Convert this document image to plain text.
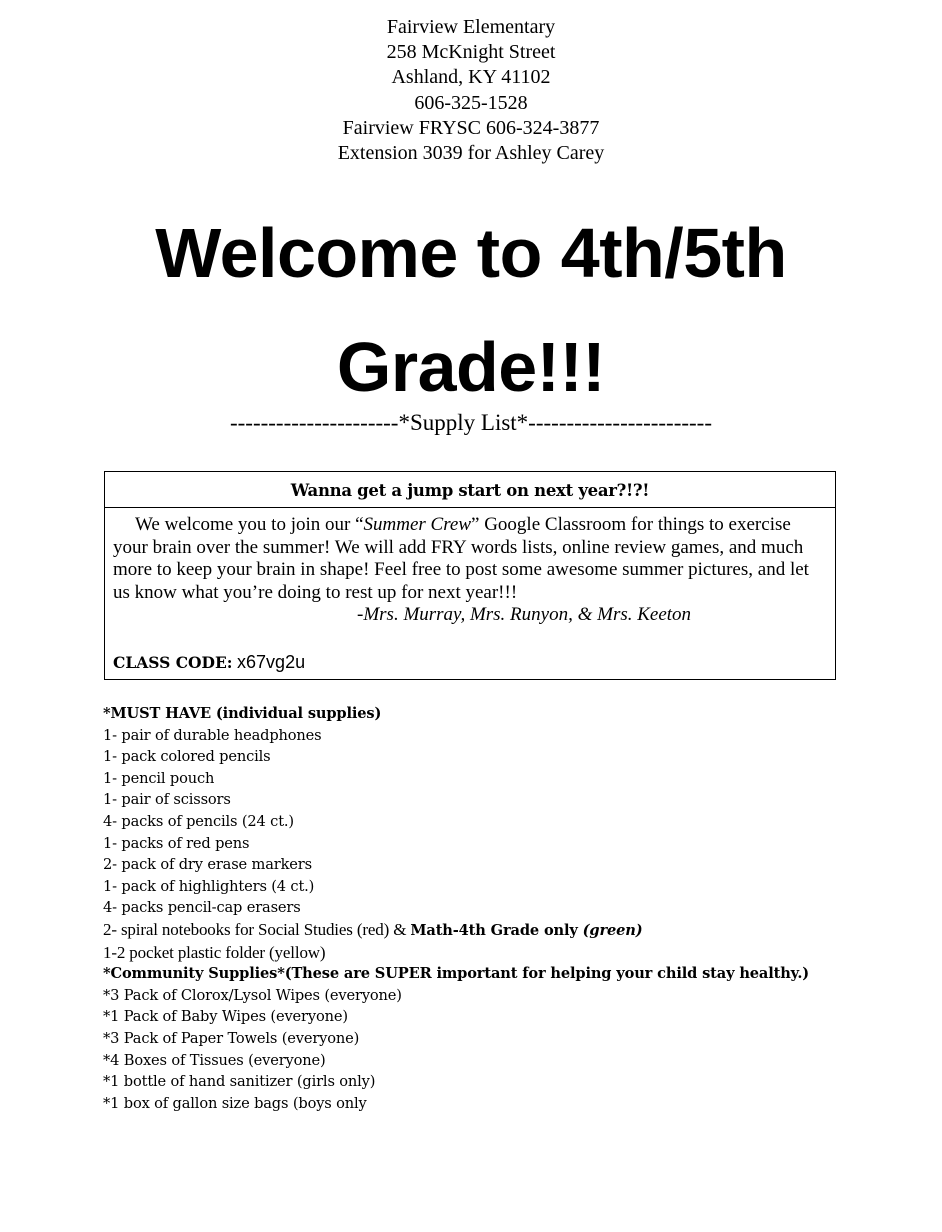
Fairview Elementary
258 McKnight Street
Ashland, KY 41102
606-325-1528
Fairview FRYSC 606-324-3877
Extension 3039 for Ashley Carey
Welcome to 4th/5th
Grade!!!
----------------------*Supply List*------------------------
Wanna get a jump start on next year?!?!

We welcome you to join our “Summer Crew” Google Classroom for things to exercise your brain over the summer! We will add FRY words lists, online review games, and much more to keep your brain in shape! Feel free to post some awesome summer pictures, and let us know what you’re doing to rest up for next year!!!

-Mrs. Murray, Mrs. Runyon, & Mrs. Keeton

CLASS CODE: x67vg2u

*MUST HAVE (individual supplies)
1- pair of durable headphones
1- pack colored pencils
1- pencil pouch
1- pair of scissors
4- packs of pencils (24 ct.)
1- packs of red pens
2- pack of dry erase markers
1- pack of highlighters (4 ct.)
4- packs pencil-cap erasers
2- spiral notebooks for Social Studies (red) & Math-4th Grade only (green)
1-2 pocket plastic folder (yellow)
*Community Supplies*(These are SUPER important for helping your child stay healthy.)
*3 Pack of Clorox/Lysol Wipes (everyone)
*1 Pack of Baby Wipes (everyone)
*3 Pack of Paper Towels (everyone)
*4 Boxes of Tissues (everyone)
*1 bottle of hand sanitizer (girls only)
*1 box of gallon size bags (boys only
